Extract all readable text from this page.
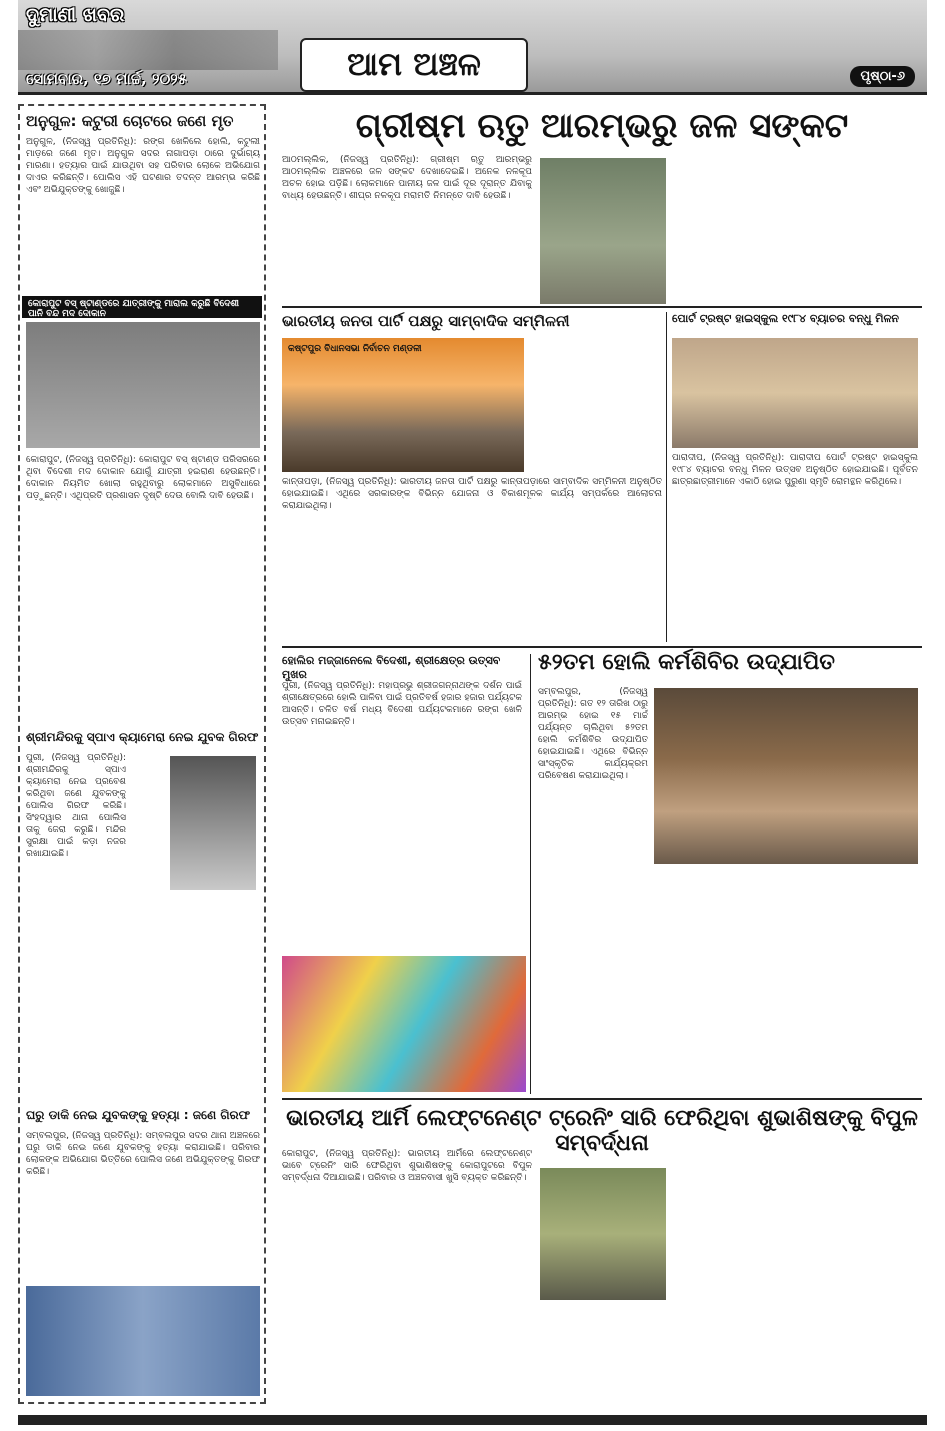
ଦୁମାଣୀ ଖବର
ସୋମବାର, ୧୭ ମାର୍ଚ୍ଚ, ୨୦୨୫	ଆମ ଅଞ୍ଚଳ	ପୃଷ୍ଠା-୬
ଅନୁଗୁଳ: କଟୁରୀ ଚୋଟରେ ଜଣେ ମୃତ
ଅନୁଗୁଳ, (ନିଜସ୍ୱ ପ୍ରତିନିଧି): ରଙ୍ଗ ଖେଳିଲେ ହୋଲି, କଟୁଲୀ ମାଡ଼ରେ ଜଣେ ମୃତ। ଅନୁଗୁଳ ସଦର ନାଗାପଡ଼ା ଠାରେ ଦୁର୍ଭାଗ୍ୟ ମାରଣା। ହତ୍ୟାର ପାଇଁ ଯାଉଥିବା ସହ ପରିବାର ଲୋକେ ଅଭିଯୋଗ ଦାଏର କରିଛନ୍ତି। ପୋଲିସ ଏହି ଘଟଣାର ତଦନ୍ତ ଆରମ୍ଭ କରିଛି ଏବଂ ଅଭିଯୁକ୍ତଙ୍କୁ ଖୋଜୁଛି।
କୋରାପୁଟ ବସ୍ ଷ୍ଟାଣ୍ଡରେ ଯାତ୍ରୀଙ୍କୁ ମାରାଲ କରୁଛି ବିଦେଶୀ ପାନି ବନ୍ଦ ମଦ ଦୋକାନ
କୋରାପୁଟ, (ନିଜସ୍ୱ ପ୍ରତିନିଧି): କୋରାପୁଟ ବସ୍ ଷ୍ଟାଣ୍ଡ ପରିସରରେ ଥିବା ବିଦେଶୀ ମଦ ଦୋକାନ ଯୋଗୁଁ ଯାତ୍ରୀ ହଇରାଣ ହେଉଛନ୍ତି। ଦୋକାନ ନିୟମିତ ଖୋଲା ରହୁଥିବାରୁ ଲୋକମାନେ ଅସୁବିଧାରେ ପଡ଼ୁଛନ୍ତି। ଏଥିପ୍ରତି ପ୍ରଶାସନ ଦୃଷ୍ଟି ଦେଉ ବୋଲି ଦାବି ହେଉଛି।
ଶ୍ରୀମନ୍ଦିରକୁ ସ୍ପାଏ କ୍ୟାମେରା ନେଇ ଯୁବକ ଗିରଫ
ପୁରୀ, (ନିଜସ୍ୱ ପ୍ରତିନିଧି): ଶ୍ରୀମନ୍ଦିରକୁ ସ୍ପାଏ କ୍ୟାମେରା ନେଇ ପ୍ରବେଶ କରିଥିବା ଜଣେ ଯୁବକଙ୍କୁ ପୋଲିସ ଗିରଫ କରିଛି। ସିଂହଦ୍ୱାର ଥାନା ପୋଲିସ ତାକୁ ଜେରା କରୁଛି। ମନ୍ଦିର ସୁରକ୍ଷା ପାଇଁ କଡ଼ା ନଜର ରଖାଯାଇଛି।
ଘରୁ ଡାକି ନେଇ ଯୁବକଙ୍କୁ ହତ୍ୟା : ଜଣେ ଗିରଫ
ସମ୍ବଲପୁର, (ନିଜସ୍ୱ ପ୍ରତିନିଧି): ସମ୍ବଲପୁର ସଦର ଥାନା ଅଞ୍ଚଳରେ ଘରୁ ଡାକି ନେଇ ଜଣେ ଯୁବକଙ୍କୁ ହତ୍ୟା କରାଯାଇଛି। ପରିବାର ଲୋକଙ୍କ ଅଭିଯୋଗ ଭିତ୍ତିରେ ପୋଲିସ ଜଣେ ଅଭିଯୁକ୍ତଙ୍କୁ ଗିରଫ କରିଛି।
ଗ୍ରୀଷ୍ମ ଋତୁ ଆରମ୍ଭରୁ ଜଳ ସଙ୍କଟ
ଆଠମଲ୍ଲିକ, (ନିଜସ୍ୱ ପ୍ରତିନିଧି): ଗ୍ରୀଷ୍ମ ଋତୁ ଆରମ୍ଭରୁ ଆଠମଲ୍ଲିକ ଅଞ୍ଚଳରେ ଜଳ ସଙ୍କଟ ଦେଖାଦେଇଛି। ଅନେକ ନଳକୂପ ଅଚଳ ହୋଇ ପଡ଼ିଛି। ଲୋକମାନେ ପାନୀୟ ଜଳ ପାଇଁ ଦୂର ଦୂରାନ୍ତ ଯିବାକୁ ବାଧ୍ୟ ହେଉଛନ୍ତି। ଶୀଘ୍ର ନଳକୂପ ମରାମତି ନିମନ୍ତେ ଦାବି ହେଉଛି।
ଭାରତୀୟ ଜନତା ପାର୍ଟି ପକ୍ଷରୁ ସାମ୍ବାଦିକ ସମ୍ମିଳନୀ
କଷ୍ଟପୁର ବିଧାନସଭା ନିର୍ବାଚନ ମଣ୍ଡଳୀ
କାନ୍ତାପଡ଼ା, (ନିଜସ୍ୱ ପ୍ରତିନିଧି): ଭାରତୀୟ ଜନତା ପାର୍ଟି ପକ୍ଷରୁ କାନ୍ତାପଡ଼ାରେ ସାମ୍ବାଦିକ ସମ୍ମିଳନୀ ଅନୁଷ୍ଠିତ ହୋଇଯାଇଛି। ଏଥିରେ ସରକାରଙ୍କ ବିଭିନ୍ନ ଯୋଜନା ଓ ବିକାଶମୂଳକ କାର୍ଯ୍ୟ ସମ୍ପର୍କରେ ଆଲୋଚନା କରାଯାଇଥିଲା।
ପୋର୍ଟ ଟ୍ରଷ୍ଟ ହାଇସ୍କୁଲ ୧୯୮୪ ବ୍ୟାଚର ବନ୍ଧୁ ମିଳନ
ପାରାଦୀପ, (ନିଜସ୍ୱ ପ୍ରତିନିଧି): ପାରାଦୀପ ପୋର୍ଟ ଟ୍ରଷ୍ଟ ହାଇସ୍କୁଲ ୧୯୮୪ ବ୍ୟାଚର ବନ୍ଧୁ ମିଳନ ଉତ୍ସବ ଅନୁଷ୍ଠିତ ହୋଇଯାଇଛି। ପୂର୍ବତନ ଛାତ୍ରଛାତ୍ରୀମାନେ ଏକାଠି ହୋଇ ପୁରୁଣା ସ୍ମୃତି ରୋମନ୍ଥନ କରିଥିଲେ।
ହୋଲିର ମଜ୍ଜାନେଲେ ବିଦେଶୀ, ଶ୍ରୀକ୍ଷେତ୍ର ଉତ୍ସବ ମୁଖର
ପୁରୀ, (ନିଜସ୍ୱ ପ୍ରତିନିଧି): ମହାପ୍ରଭୁ ଶ୍ରୀଜଗନ୍ନାଥଙ୍କ ଦର୍ଶନ ପାଇଁ ଶ୍ରୀକ୍ଷେତ୍ରରେ ହୋଲି ପାଳିବା ପାଇଁ ପ୍ରତିବର୍ଷ ହଜାର ହଜାର ପର୍ଯ୍ୟଟକ ଆସନ୍ତି। ଚଳିତ ବର୍ଷ ମଧ୍ୟ ବିଦେଶୀ ପର୍ଯ୍ୟଟକମାନେ ରଙ୍ଗ ଖେଳି ଉତ୍ସବ ମନାଇଛନ୍ତି।
୫୨ତମ ହୋଲି କର୍ମଶିବିର ଉଦ୍ଯାପିତ
ସମ୍ବଲପୁର, (ନିଜସ୍ୱ ପ୍ରତିନିଧି): ଗତ ୧୨ ତାରିଖ ଠାରୁ ଆରମ୍ଭ ହୋଇ ୧୫ ମାର୍ଚ୍ଚ ପର୍ଯ୍ୟନ୍ତ ଚାଲିଥିବା ୫୨ତମ ହୋଲି କର୍ମଶିବିର ଉଦ୍ଯାପିତ ହୋଇଯାଇଛି। ଏଥିରେ ବିଭିନ୍ନ ସାଂସ୍କୃତିକ କାର୍ଯ୍ୟକ୍ରମ ପରିବେଷଣ କରାଯାଇଥିଲା।
ଭାରତୀୟ ଆର୍ମି ଲେଫ୍ଟନେଣ୍ଟ ଟ୍ରେନିଂ ସାରି ଫେରିଥିବା ଶୁଭାଶିଷଙ୍କୁ ବିପୁଳ ସମ୍ବର୍ଦ୍ଧନା
କୋରାପୁଟ, (ନିଜସ୍ୱ ପ୍ରତିନିଧି): ଭାରତୀୟ ଆର୍ମିରେ ଲେଫ୍ଟନେଣ୍ଟ ଭାବେ ଟ୍ରେନିଂ ସାରି ଫେରିଥିବା ଶୁଭାଶିଷଙ୍କୁ କୋରାପୁଟରେ ବିପୁଳ ସମ୍ବର୍ଦ୍ଧନା ଦିଆଯାଇଛି। ପରିବାର ଓ ଅଞ୍ଚଳବାସୀ ଖୁସି ବ୍ୟକ୍ତ କରିଛନ୍ତି।
